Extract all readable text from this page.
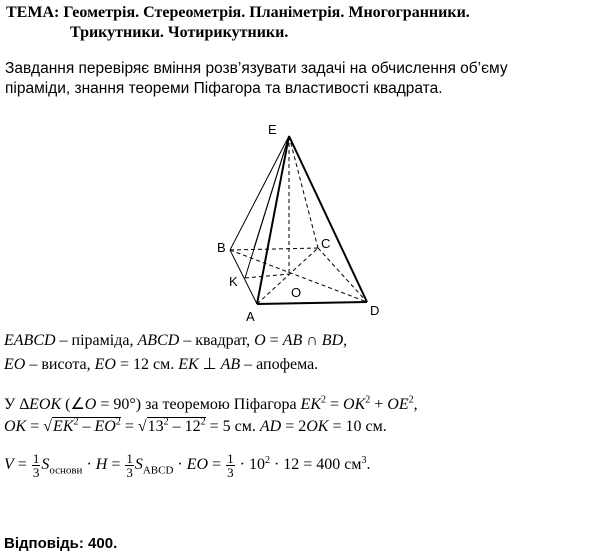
ТЕМА: Геометрія. Стереометрія. Планіметрія. Многогранники.
Трикутники. Чотирикутники.
Завдання перевіряє вміння розв’язувати задачі на обчислення об’єму
піраміди, знання теореми Піфагора та властивості квадрата.
E
B	C
K
O
A	D
EABCD – піраміда, ABCD – квадрат, O = AB ∩ BD,
EO – висота, EO = 12 см. EK ⊥ AB – апофема.
У ∆EOK (∠O = 90°) за теоремою Піфагора $EK^2 = OK^2 + OE^2$,
OK = $√EK^2 - EO^2 = √13^2 - 12^2 = 5$ см. AD = 2OK = 10 см.
$V = \frac{1}{3} S_{основи} \cdot H = \frac{1}{3} S_{ABCD}$ · EO = $\frac{1}{3} \cdot 10^2 \cdot 12 = 400$ $см^3$.
Відповідь: 400.
